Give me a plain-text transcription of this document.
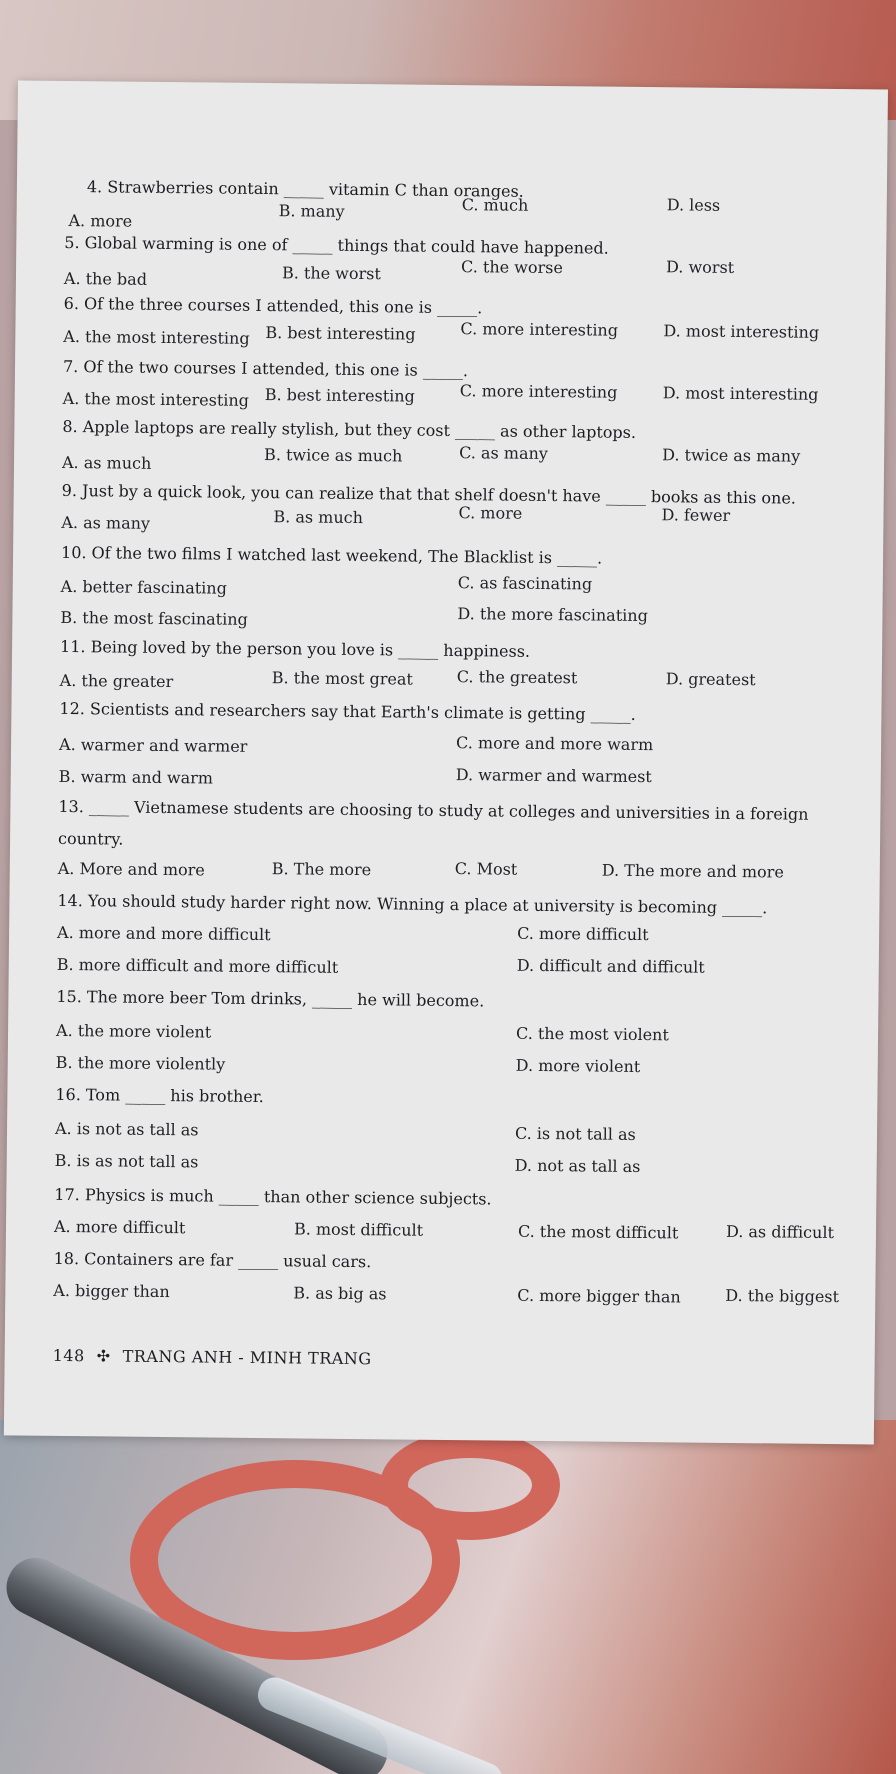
4. Strawberries contain _____ vitamin C than oranges.
A. more	B. many	C. much	D. less
5. Global warming is one of _____ things that could have happened.
A. the bad	B. the worst	C. the worse	D. worst
6. Of the three courses I attended, this one is _____.
A. the most interesting B. best interesting	C. more interesting	D. most interesting
7. Of the two courses I attended, this one is _____.
A. the most interesting B. best interesting	C. more interesting	D. most interesting
8. Apple laptops are really stylish, but they cost _____ as other laptops.
A. as much	B. twice as much	C. as many	D. twice as many
9. Just by a quick look, you can realize that that shelf doesn't have _____ books as this one.
A. as many	B. as much	C. more	D. fewer
10. Of the two films I watched last weekend, The Blacklist is _____.
A. better fascinating
B. the most fascinating
C. as fascinating
D. the more fascinating
11. Being loved by the person you love is _____ happiness.
A. the greater	B. the most great	C. the greatest	D. greatest
12. Scientists and researchers say that Earth's climate is getting _____.
A. warmer and warmer
B. warm and warm
C. more and more warm
D. warmer and warmest
13. _____ Vietnamese students are choosing to study at colleges and universities in a foreign
country.
A. More and more	B. The more	C. Most	D. The more and more
14. You should study harder right now. Winning a place at university is becoming _____.
A. more and more difficult
B. more difficult and more difficult
C. more difficult
D. difficult and difficult
15. The more beer Tom drinks, _____ he will become.
A. the more violent
B. the more violently
C. the most violent
D. more violent
16. Tom _____ his brother.
A. is not as tall as
B. is as not tall as
C. is not tall as
D. not as tall as
17. Physics is much _____ than other science subjects.
A. more difficult	B. most difficult	C. the most difficult	D. as difficult
18. Containers are far _____ usual cars.
A. bigger than	B. as big as	C. more bigger than	D. the biggest
148 ✣ TRANG ANH - MINH TRANG
